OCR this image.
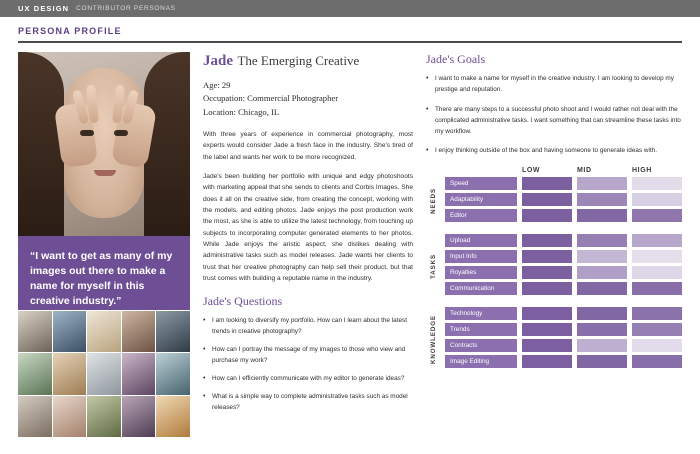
UX DESIGN CONTRIBUTOR PERSONAS
PERSONA PROFILE
“I want to get as many of my images out there to make a name for myself in this creative industry.”
Jade The Emerging Creative
Age: 29
Occupation: Commercial Photographer
Location: Chicago, IL
With three years of experience in commercial photography, most experts would consider Jade a fresh face in the industry. She's tired of the label and wants her work to be more recognized.
Jade's been building her portfolio with unique and edgy photoshoots with marketing appeal that she sends to clients and Corbis Images. She does it all on the creative side, from creating the concept, working with the models, and editing photos. Jade enjoys the post production work the most, as she is able to utilize the latest technology, from touching up subjects to incorporating computer generated elements to her photos. While Jade enjoys the aristic aspect, she dislikes dealing with administrative tasks such as model releases. Jade wants her clients to trust that her creative photography can help sell their product, but that trust comes with building a reputable name in the industry.
Jade's Questions
• I am looking to diversify my portfolio. How can I learn about the latest trends in creative photography?
• How can I portray the message of my images to those who view and purchase my work?
• How can I efficiently communicate with my editor to generate ideas?
• What is a simple way to complete administrative tasks such as model releases?
Jade's Goals
• I want to make a name for myself in the creative industry. I am looking to develop my prestige and reputation.
• There are many steps to a successful photo shoot and I would rather not deal with the complicated administrative tasks. I want something that can streamline these tasks into my workflow.
• I enjoy thinking outside of the box and having someone to generate ideas with.
LOW	MID	HIGH
NEEDS
Speed
Adaptability
Editor
TASKS
Upload
Input Info
Royalties
Communication
KNOWLEDGE
Technology
Trends
Contracts
Image Editing
